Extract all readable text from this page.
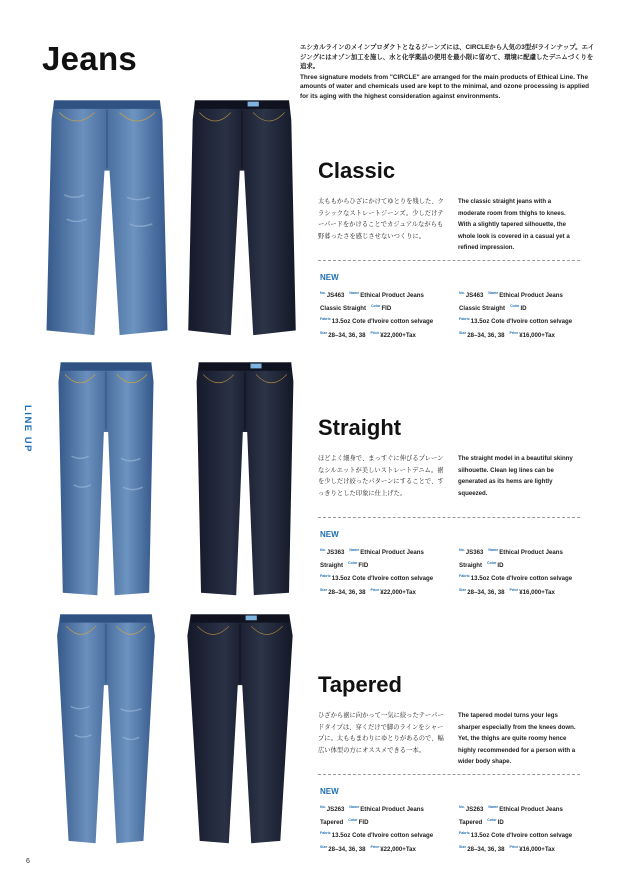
Jeans	エシカルラインのメインプロダクトとなるジーンズには、CIRCLEから人気の3型がラインナップ。エイジングにはオゾン加工を施し、水と化学薬品の使用を最小限に留めて、環境に配慮したデニムづくりを追求。
Three signature models from "CIRCLE" are arranged for the main products of Ethical Line. The amounts of water and chemicals used are kept to the minimal, and ozone processing is applied for its aging with the highest consideration against environments.
LINE UP
Classic

太ももからひざにかけてゆとりを残した、クラシックなストレートジーンズ。少しだけテーパードをかけることでカジュアルながらも野暮ったさを感じさせないつくりに。

The classic straight jeans with a moderate room from thighs to knees. With a slightly tapered silhouette, the whole look is covered in a casual yet a refined impression.

NEW
$^{No.}$JS463 $^{Name}$Ethical Product Jeans
Classic Straight $^{Color}$FID
$^{Fabric}$13.5oz Cote d'Ivoire cotton selvage
$^{Size}$28–34, 36, 38 $^{Price}$¥22,000+Tax
$^{No.}$JS463 $^{Name}$Ethical Product Jeans
Classic Straight $^{Color}$ID
$^{Fabric}$13.5oz Cote d'Ivoire cotton selvage
$^{Size}$28–34, 36, 38 $^{Price}$¥16,000+Tax
Straight

ほどよく細身で、まっすぐに伸びるプレーンなシルエットが美しいストレートデニム。裾を少しだけ絞ったパターンにすることで、すっきりとした印象に仕上げた。

The straight model in a beautiful skinny silhouette. Clean leg lines can be generated as its hems are lightly squeezed.

NEW
$^{No.}$JS363 $^{Name}$Ethical Product Jeans
Straight $^{Color}$FID
$^{Fabric}$13.5oz Cote d'Ivoire cotton selvage
$^{Size}$28–34, 36, 38 $^{Price}$¥22,000+Tax
$^{No.}$JS363 $^{Name}$Ethical Product Jeans
Straight $^{Color}$ID
$^{Fabric}$13.5oz Cote d'Ivoire cotton selvage
$^{Size}$28–34, 36, 38 $^{Price}$¥16,000+Tax
Tapered

ひざから裾に向かって一気に絞ったテーパードタイプは、穿くだけで脚のラインをシャープに。太ももまわりにゆとりがあるので、幅広い体型の方にオススメできる一本。

The tapered model turns your legs sharper especially from the knees down. Yet, the thighs are quite roomy hence highly recommended for a person with a wider body shape.

NEW
$^{No.}$JS263 $^{Name}$Ethical Product Jeans
Tapered $^{Color}$FID
$^{Fabric}$13.5oz Cote d'Ivoire cotton selvage
$^{Size}$28–34, 36, 38 $^{Price}$¥22,000+Tax
$^{No.}$JS263 $^{Name}$Ethical Product Jeans
Tapered $^{Color}$ID
$^{Fabric}$13.5oz Cote d'Ivoire cotton selvage
$^{Size}$28–34, 36, 38 $^{Price}$¥16,000+Tax
6
